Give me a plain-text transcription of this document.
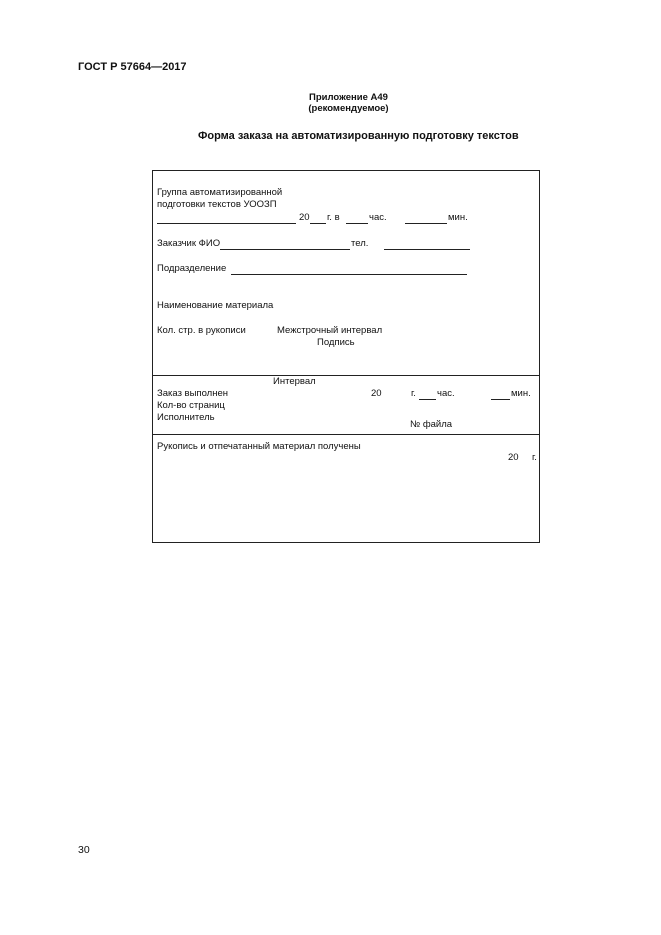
ГОСТ Р 57664—2017
Приложение А49
(рекомендуемое)
Форма заказа на автоматизированную подготовку текстов
Группа автоматизированной
подготовки текстов УООЗП
20 г. в	час.	мин.
Заказчик ФИО	тел.
Подразделение
Наименование материала
Кол. стр. в рукописи	Межстрочный интервал
Подпись
Интервал
Заказ выполнен	20	г. час.	мин.
Кол-во страниц
Исполнитель
№ файла
Рукопись и отпечатанный материал получены
20 г.
30
